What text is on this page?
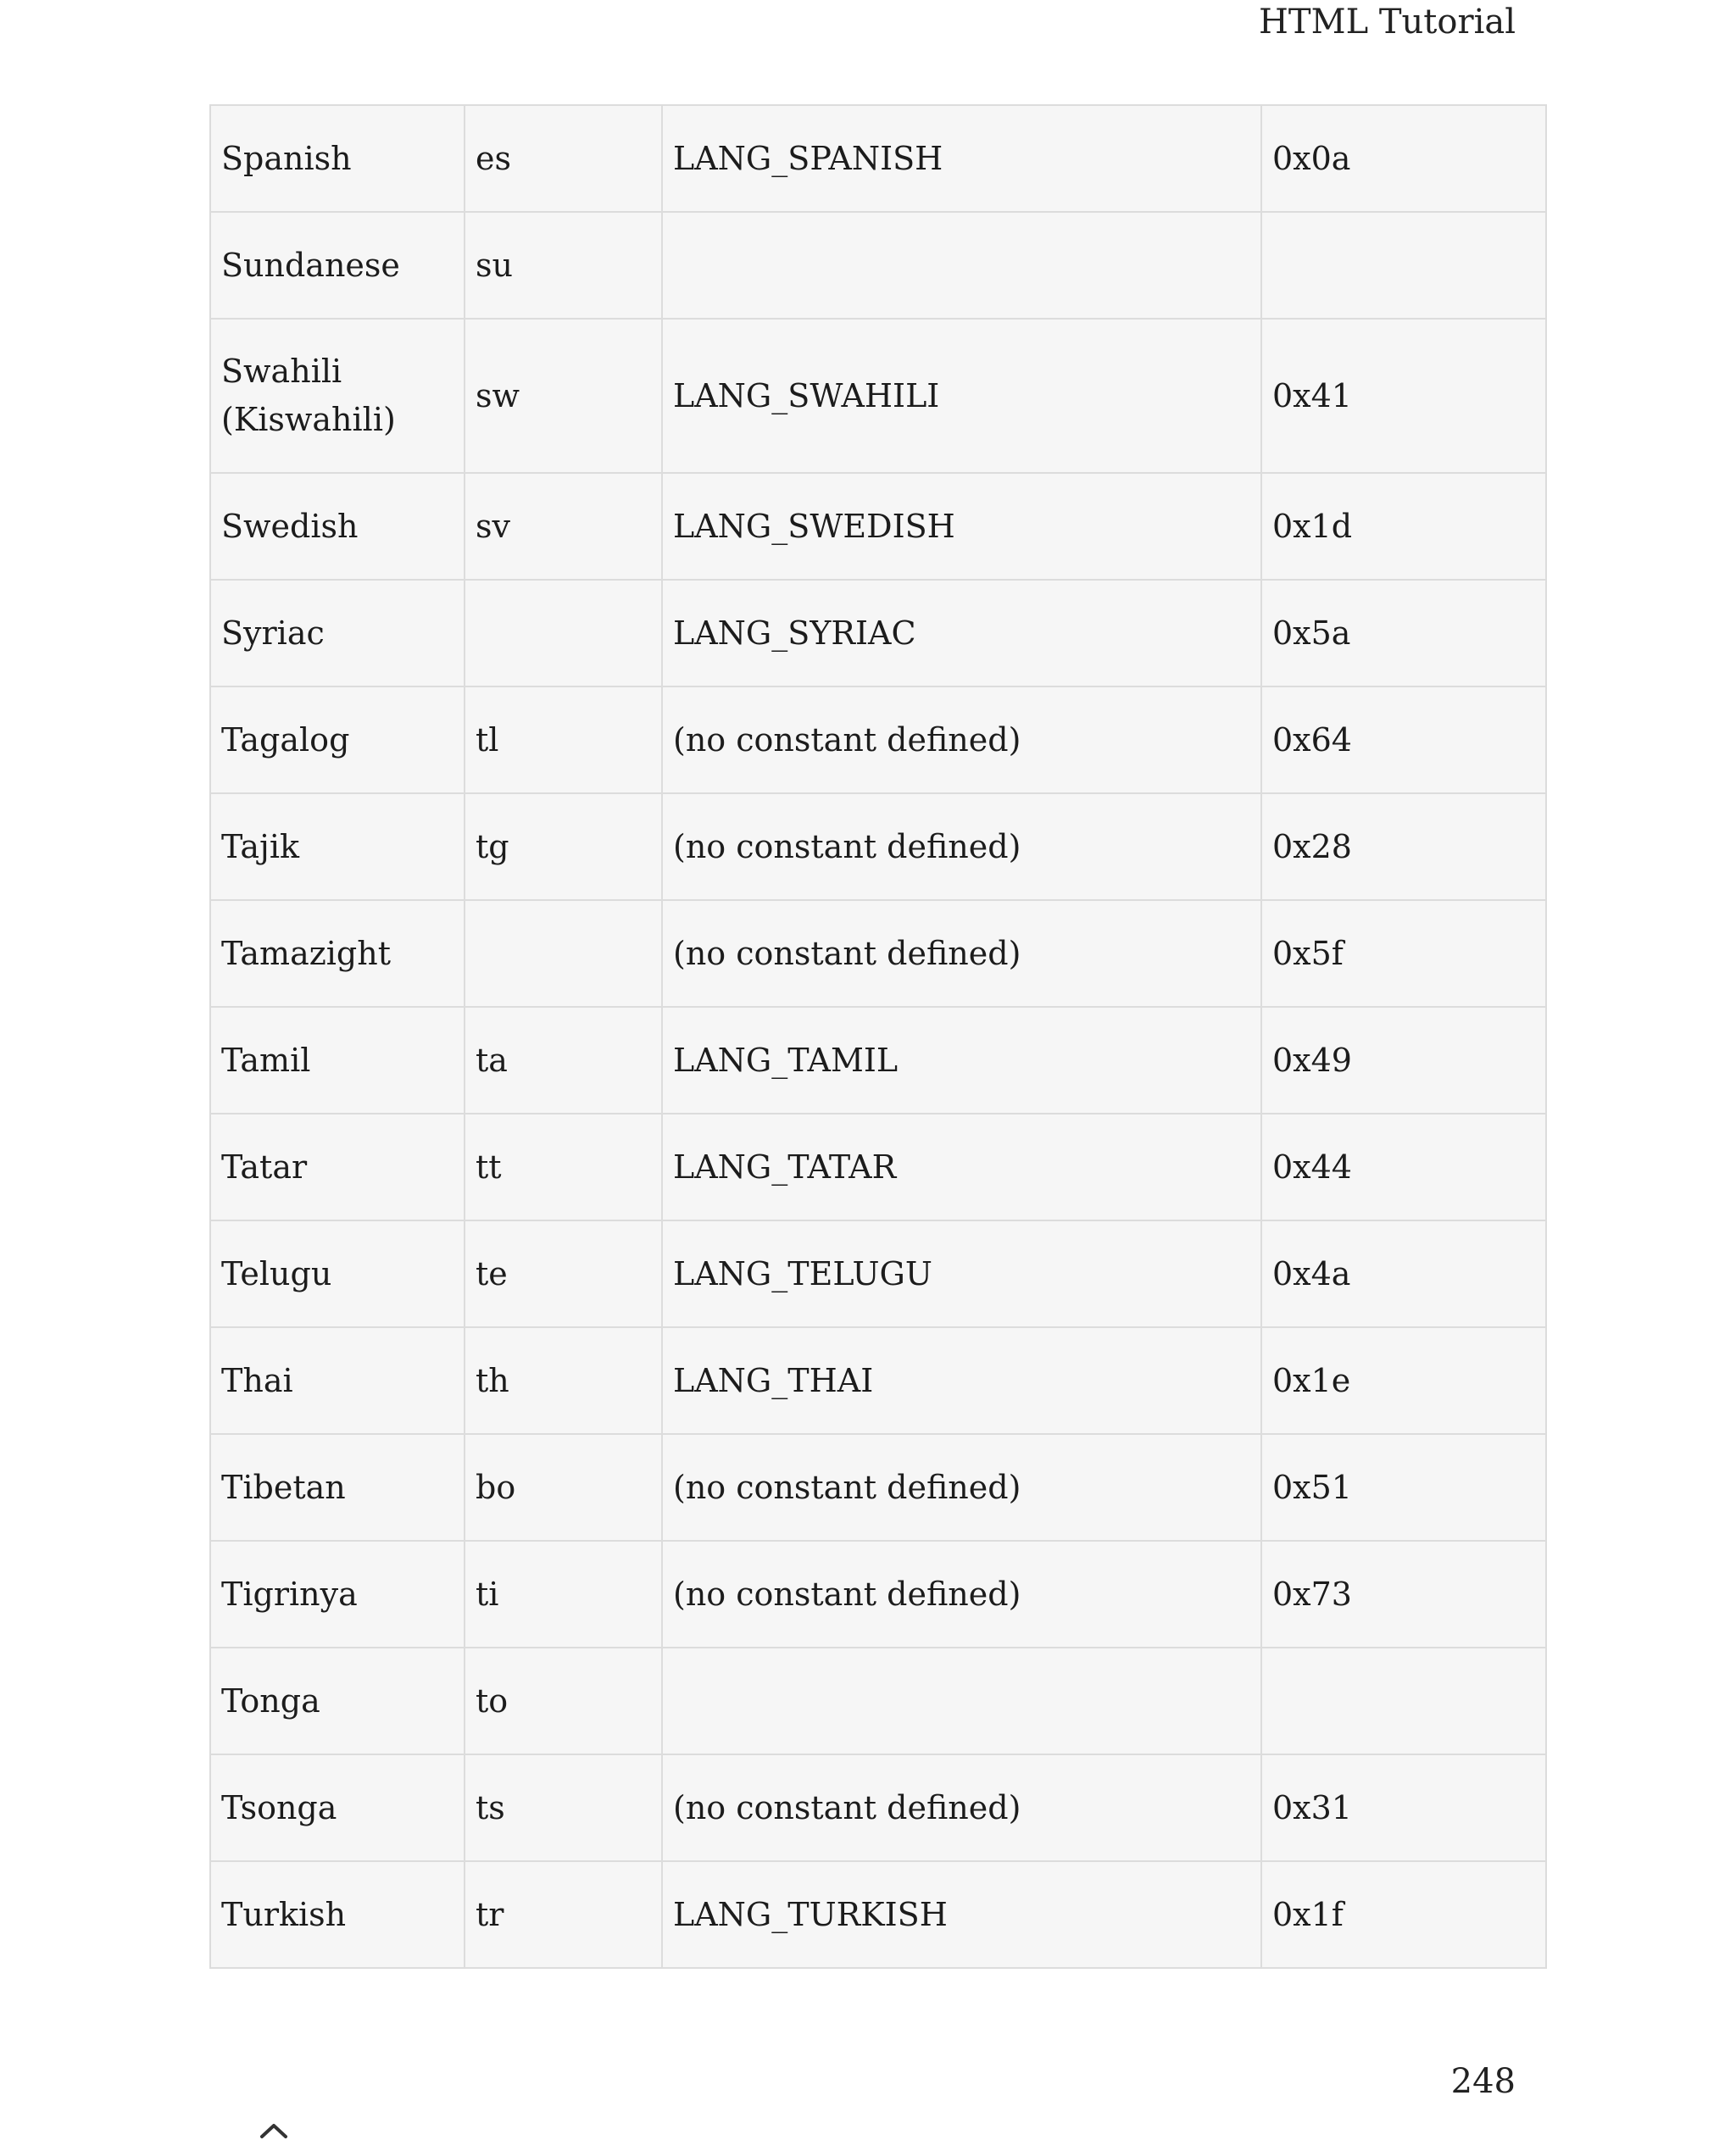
HTML Tutorial
Spanish	es	LANG_SPANISH	0x0a
Sundanese	su		
Swahili (Kiswahili)	sw	LANG_SWAHILI	0x41
Swedish	sv	LANG_SWEDISH	0x1d
Syriac		LANG_SYRIAC	0x5a
Tagalog	tl	(no constant defined)	0x64
Tajik	tg	(no constant defined)	0x28
Tamazight		(no constant defined)	0x5f
Tamil	ta	LANG_TAMIL	0x49
Tatar	tt	LANG_TATAR	0x44
Telugu	te	LANG_TELUGU	0x4a
Thai	th	LANG_THAI	0x1e
Tibetan	bo	(no constant defined)	0x51
Tigrinya	ti	(no constant defined)	0x73
Tonga	to		
Tsonga	ts	(no constant defined)	0x31
Turkish	tr	LANG_TURKISH	0x1f
248
